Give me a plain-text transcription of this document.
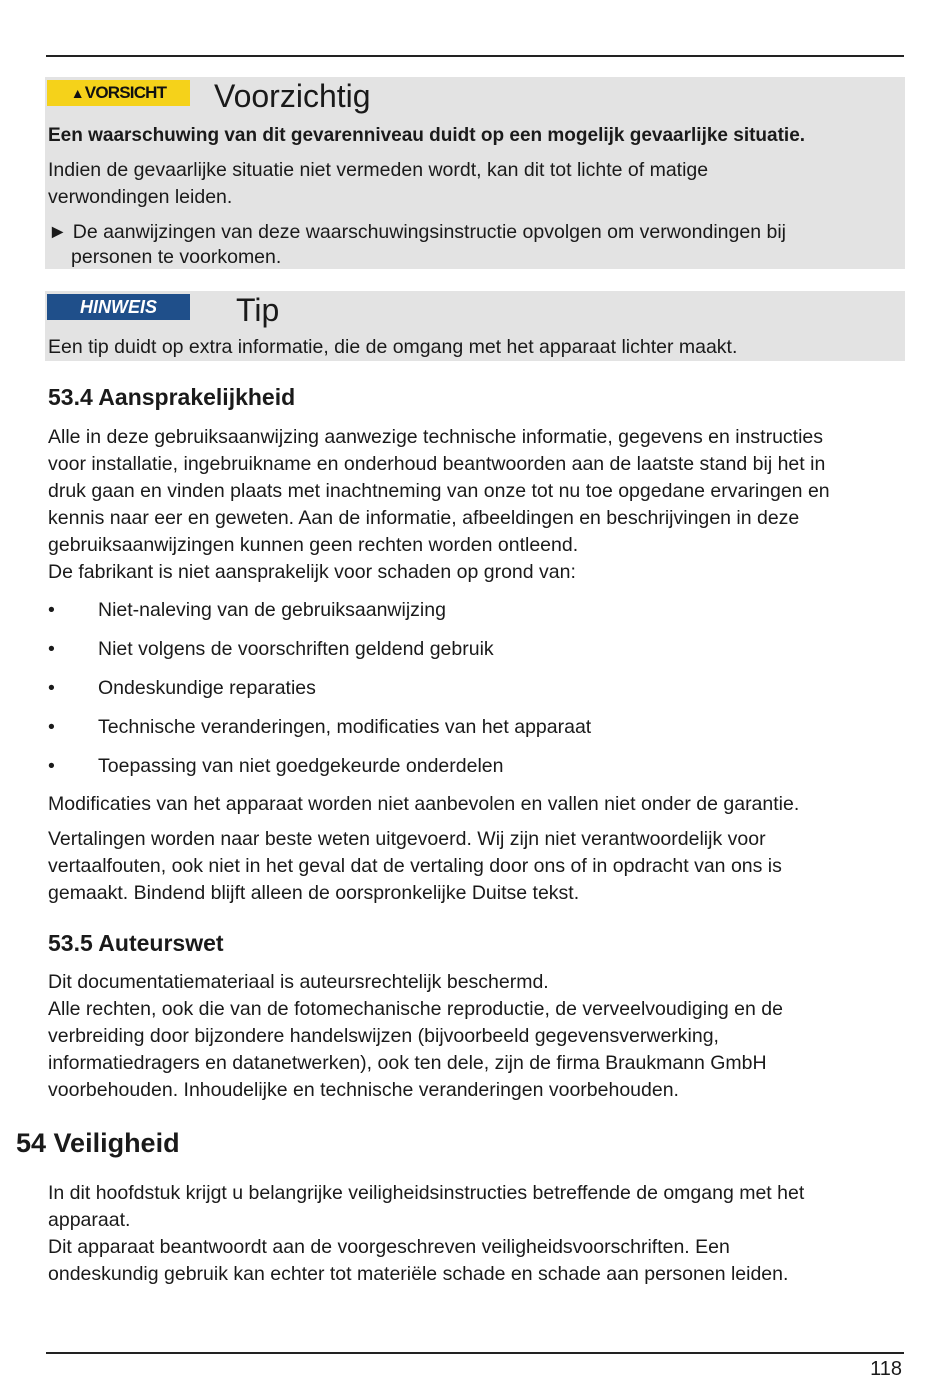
▲ VORSICHT Voorzichtig

Een waarschuwing van dit gevarenniveau duidt op een mogelijk gevaarlijke situatie.

Indien de gevaarlijke situatie niet vermeden wordt, kan dit tot lichte of matige

verwondingen leiden.

► De aanwijzingen van deze waarschuwingsinstructie opvolgen om verwondingen bij

personen te voorkomen.

HINWEIS Tip

Een tip duidt op extra informatie, die de omgang met het apparaat lichter maakt.

53.4 Aansprakelijkheid

Alle in deze gebruiksaanwijzing aanwezige technische informatie, gegevens en instructies

voor installatie, ingebruikname en onderhoud beantwoorden aan de laatste stand bij het in

druk gaan en vinden plaats met inachtneming van onze tot nu toe opgedane ervaringen en

kennis naar eer en geweten. Aan de informatie, afbeeldingen en beschrijvingen in deze

gebruiksaanwijzingen kunnen geen rechten worden ontleend.

De fabrikant is niet aansprakelijk voor schaden op grond van:

• Niet-naleving van de gebruiksaanwijzing
• Niet volgens de voorschriften geldend gebruik
• Ondeskundige reparaties
• Technische veranderingen, modificaties van het apparaat
• Toepassing van niet goedgekeurde onderdelen

Modificaties van het apparaat worden niet aanbevolen en vallen niet onder de garantie.

Vertalingen worden naar beste weten uitgevoerd. Wij zijn niet verantwoordelijk voor

vertaalfouten, ook niet in het geval dat de vertaling door ons of in opdracht van ons is

gemaakt. Bindend blijft alleen de oorspronkelijke Duitse tekst.

53.5 Auteurswet

Dit documentatiemateriaal is auteursrechtelijk beschermd.

Alle rechten, ook die van de fotomechanische reproductie, de verveelvoudiging en de

verbreiding door bijzondere handelswijzen (bijvoorbeeld gegevensverwerking,

informatiedragers en datanetwerken), ook ten dele, zijn de firma Braukmann GmbH

voorbehouden. Inhoudelijke en technische veranderingen voorbehouden.

54 Veiligheid

In dit hoofdstuk krijgt u belangrijke veiligheidsinstructies betreffende de omgang met het

apparaat.

Dit apparaat beantwoordt aan de voorgeschreven veiligheidsvoorschriften. Een

ondeskundig gebruik kan echter tot materiële schade en schade aan personen leiden.

118
